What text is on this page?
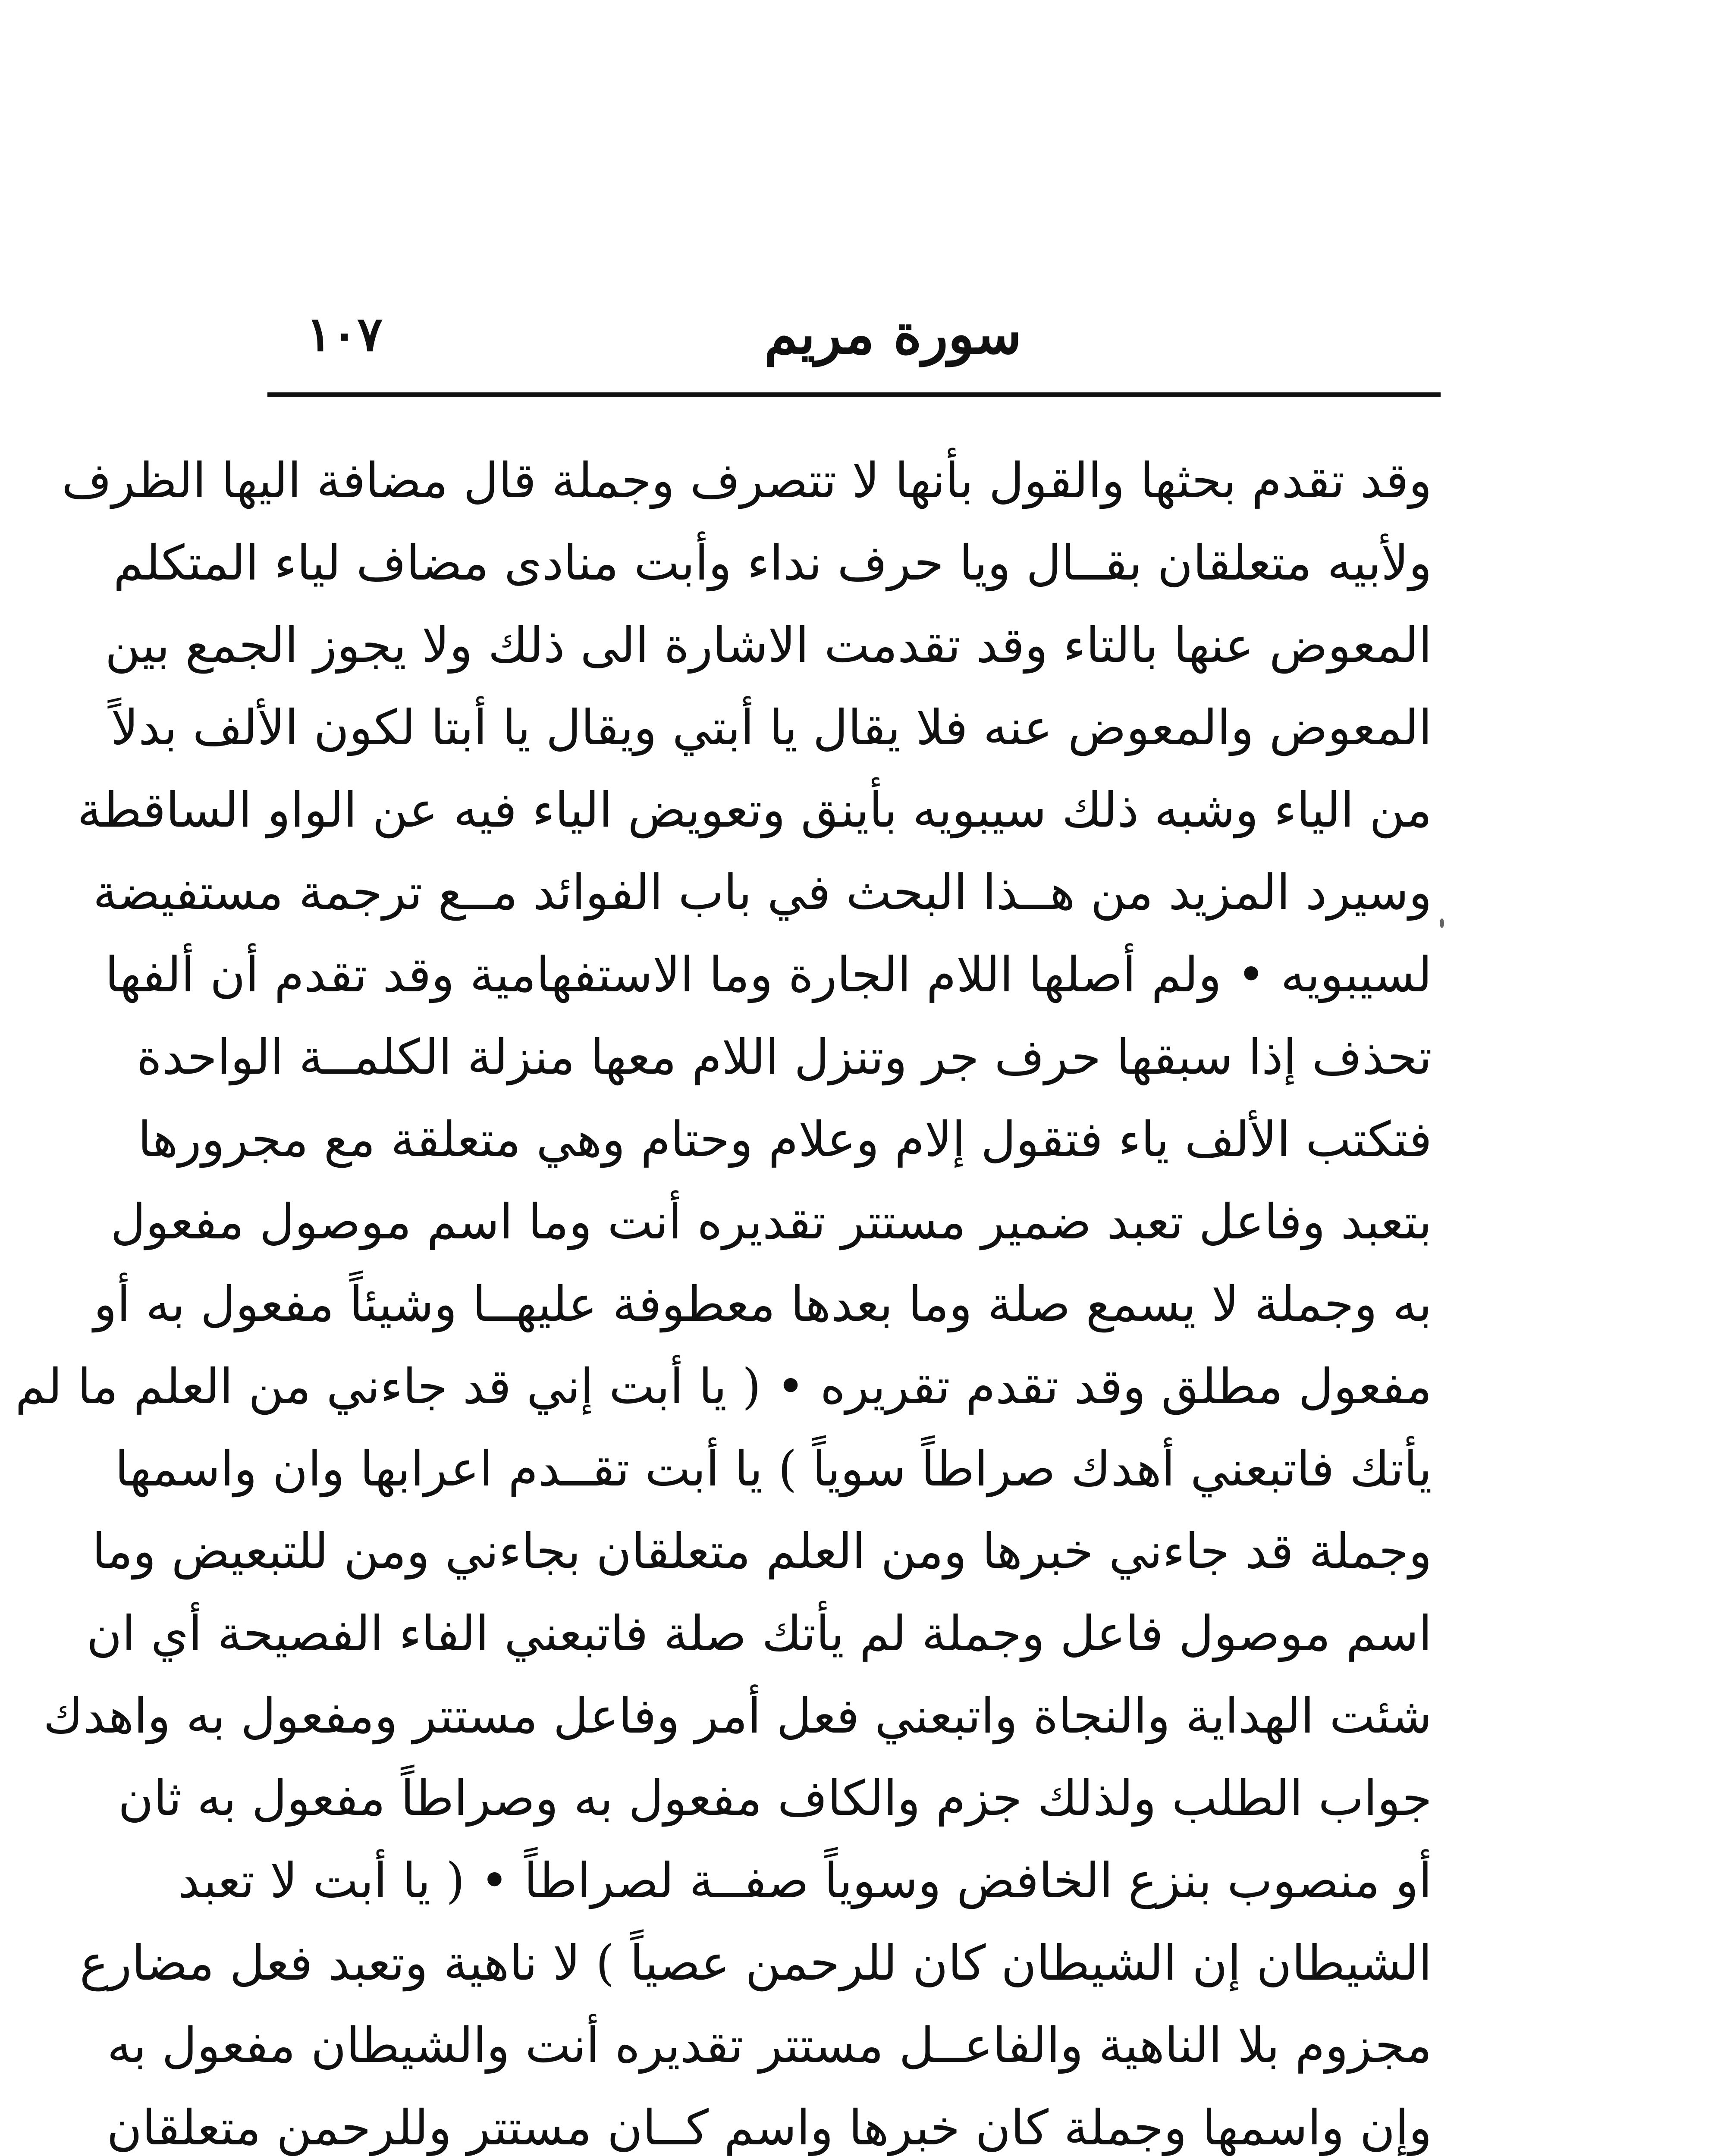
سورة مريم
١٠٧
وقد تقدم بحثها والقول بأنها لا تتصرف وجملة قال مضافة اليها الظرف
ولأبيه متعلقان بقــال ويا حرف نداء وأبت منادى مضاف لياء المتكلم
المعوض عنها بالتاء وقد تقدمت الاشارة الى ذلك ولا يجوز الجمع بين
المعوض والمعوض عنه فلا يقال يا أبتي ويقال يا أبتا لكون الألف بدلاً
من الياء وشبه ذلك سيبويه بأينق وتعويض الياء فيه عن الواو الساقطة
وسيرد المزيد من هــذا البحث في باب الفوائد مــع ترجمة مستفيضة
لسيبويه • ولم أصلها اللام الجارة وما الاستفهامية وقد تقدم أن ألفها
تحذف إذا سبقها حرف جر وتنزل اللام معها منزلة الكلمــة الواحدة
فتكتب الألف ياء فتقول إلام وعلام وحتام وهي متعلقة مع مجرورها
بتعبد وفاعل تعبد ضمير مستتر تقديره أنت وما اسم موصول مفعول
به وجملة لا يسمع صلة وما بعدها معطوفة عليهــا وشيئاً مفعول به أو
مفعول مطلق وقد تقدم تقريره • ( يا أبت إني قد جاءني من العلم ما لم
يأتك فاتبعني أهدك صراطاً سوياً ) يا أبت تقــدم اعرابها وان واسمها
وجملة قد جاءني خبرها ومن العلم متعلقان بجاءني ومن للتبعيض وما
اسم موصول فاعل وجملة لم يأتك صلة فاتبعني الفاء الفصيحة أي ان
شئت الهداية والنجاة واتبعني فعل أمر وفاعل مستتر ومفعول به واهدك
جواب الطلب ولذلك جزم والكاف مفعول به وصراطاً مفعول به ثان
أو منصوب بنزع الخافض وسوياً صفــة لصراطاً • ( يا أبت لا تعبد
الشيطان إن الشيطان كان للرحمن عصياً ) لا ناهية وتعبد فعل مضارع
مجزوم بلا الناهية والفاعــل مستتر تقديره أنت والشيطان مفعول به
وإن واسمها وجملة كان خبرها واسم كــان مستتر وللرحمن متعلقان
